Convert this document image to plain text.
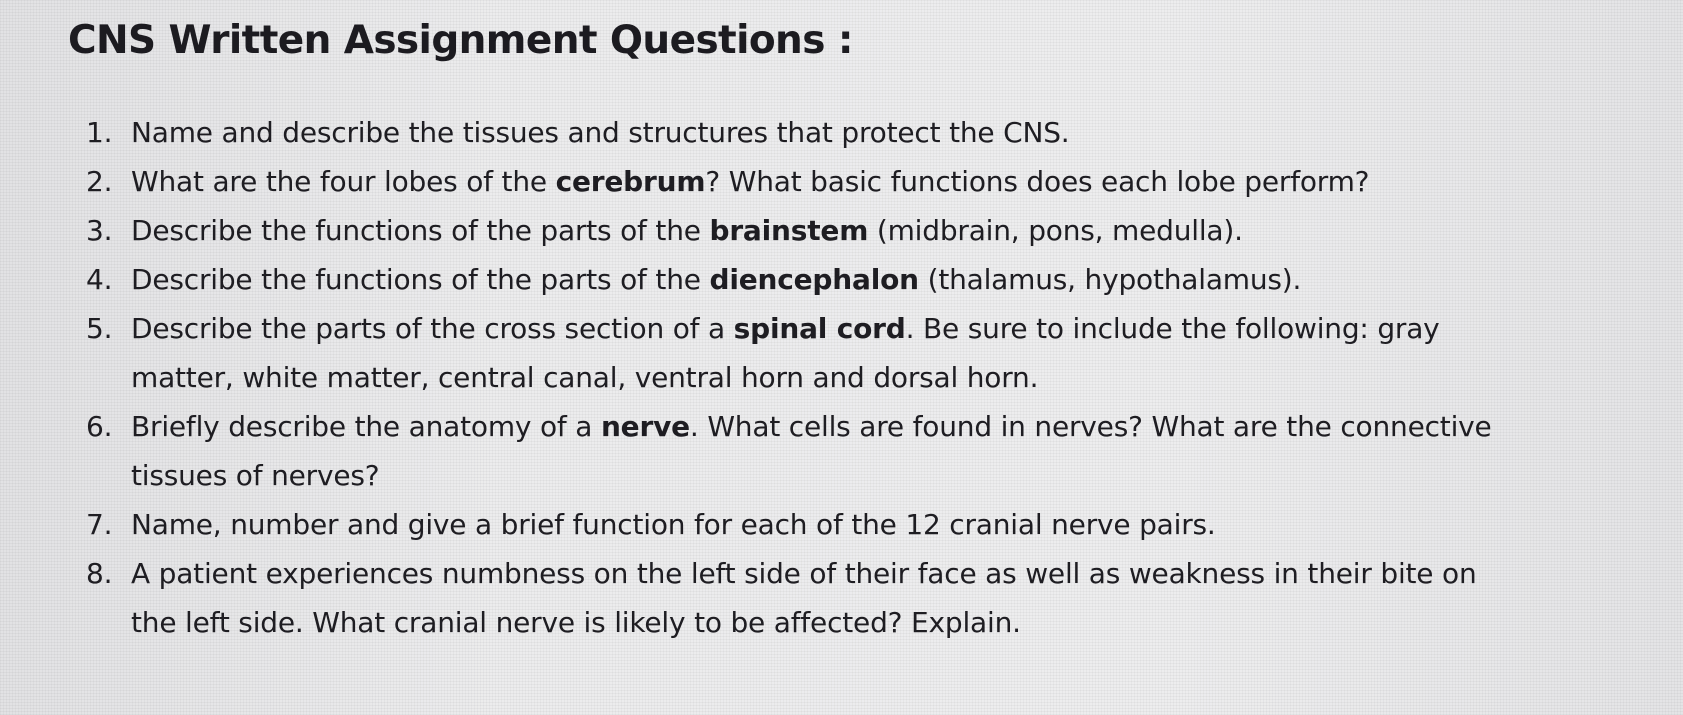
CNS Written Assignment Questions :
1. Name and describe the tissues and structures that protect the CNS.
2. What are the four lobes of the cerebrum? What basic functions does each lobe perform?
3. Describe the functions of the parts of the brainstem (midbrain, pons, medulla).
4. Describe the functions of the parts of the diencephalon (thalamus, hypothalamus).
5. Describe the parts of the cross section of a spinal cord. Be sure to include the following: gray
matter, white matter, central canal, ventral horn and dorsal horn.
6. Briefly describe the anatomy of a nerve. What cells are found in nerves? What are the connective
tissues of nerves?
7. Name, number and give a brief function for each of the 12 cranial nerve pairs.
8. A patient experiences numbness on the left side of their face as well as weakness in their bite on
the left side. What cranial nerve is likely to be affected? Explain.
